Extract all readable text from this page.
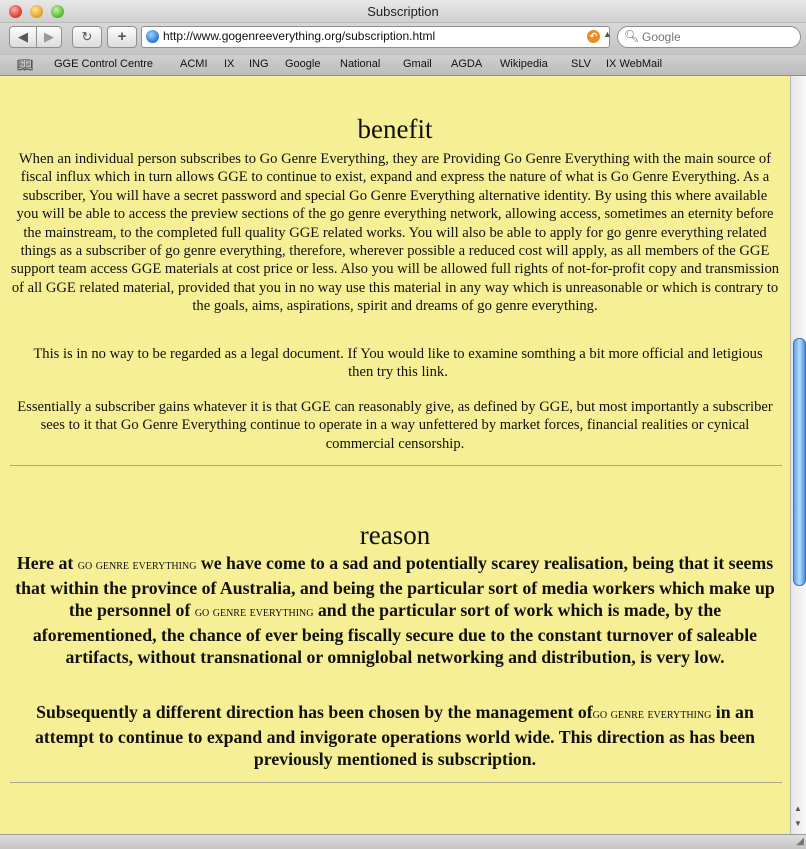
Subscription
◀	▶	↻	+	http://www.gogenreeverything.org/subscription.html	↶ ▲ 🔍︎
Google
📖︎ GGE Control Centre ACMI IX ING Google National Gmail AGDA Wikipedia SLV IX WebMail
benefit

When an individual person subscribes to Go Genre Everything, they are Providing Go Genre Everything with the main source of fiscal influx which in turn allows GGE to continue to exist, expand and express the nature of what is Go Genre Everything. As a subscriber, You will have a secret password and special Go Genre Everything alternative identity. By using this where available you will be able to access the preview sections of the go genre everything network, allowing access, sometimes an eternity before the mainstream, to the completed full quality GGE related works. You will also be able to apply for go genre everything related things as a subscriber of go genre everything, therefore, wherever possible a reduced cost will apply, as all members of the GGE support team access GGE materials at cost price or less. Also you will be allowed full rights of not-for-profit copy and transmission of all GGE related material, provided that you in no way use this material in any way which is unreasonable or which is contrary to the goals, aims, aspirations, spirit and dreams of go genre everything.

This is in no way to be regarded as a legal document. If You would like to examine somthing a bit more official and letigious then try this link.

Essentially a subscriber gains whatever it is that GGE can reasonably give, as defined by GGE, but most importantly a subscriber sees to it that Go Genre Everything continue to operate in a way unfettered by market forces, financial realities or cynical commercial censorship.

reason

Here at go genre everything we have come to a sad and potentially scarey realisation, being that it seems that within the province of Australia, and being the particular sort of media workers which make up the personnel of go genre everything and the particular sort of work which is made, by the aforementioned, the chance of ever being fiscally secure due to the constant turnover of saleable artifacts, without transnational or omniglobal networking and distribution, is very low.

Subsequently a different direction has been chosen by the management ofgo genre everything in an attempt to continue to expand and invigorate operations world wide. This direction as has been previously mentioned is subscription.

▲
▼
◢
